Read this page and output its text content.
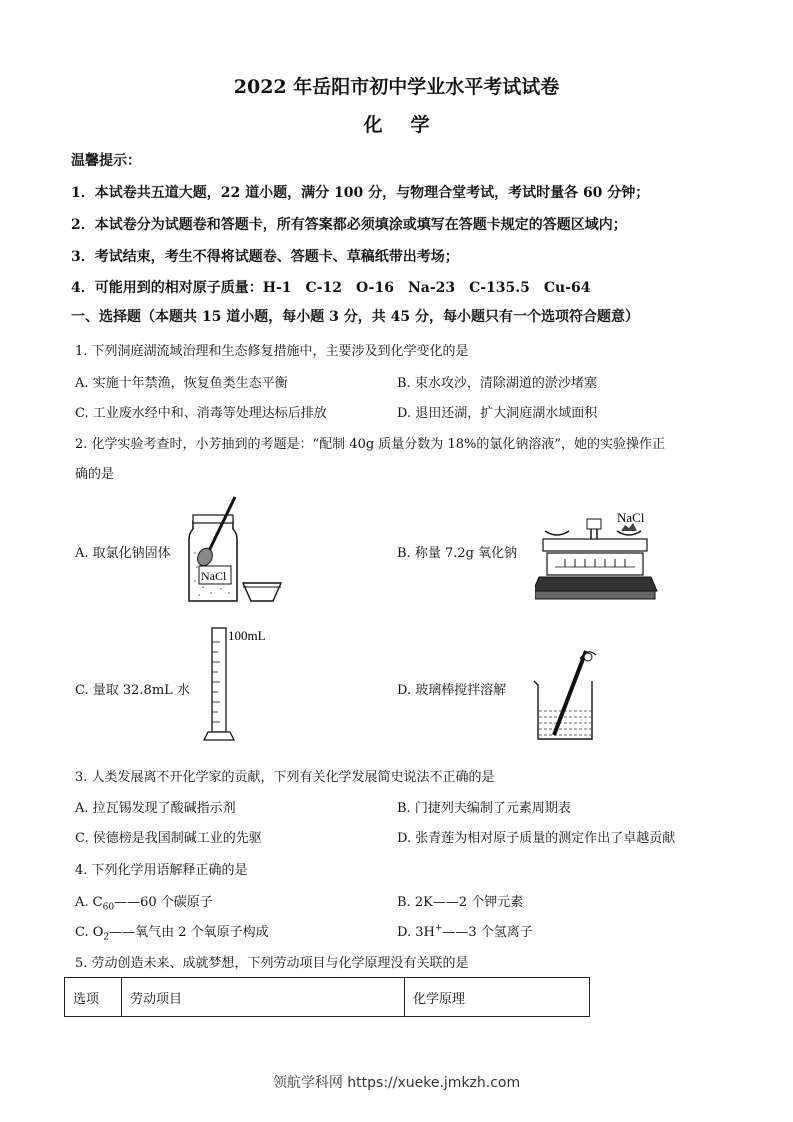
2022 年岳阳市初中学业水平考试试卷
化学
温馨提示：
1．本试卷共五道大题，22 道小题，满分 100 分，与物理合堂考试，考试时量各 60 分钟；
2．本试卷分为试题卷和答题卡，所有答案都必须填涂或填写在答题卡规定的答题区域内；
3．考试结束，考生不得将试题卷、答题卡、草稿纸带出考场；
4．可能用到的相对原子质量：H-1　C-12　O-16　Na-23　C-135.5　Cu-64
一、选择题（本题共 15 道小题，每小题 3 分，共 45 分，每小题只有一个选项符合题意）
1. 下列洞庭湖流域治理和生态修复措施中，主要涉及到化学变化的是
A. 实施十年禁渔，恢复鱼类生态平衡	B. 束水攻沙，清除湖道的淤沙堵塞
C. 工业废水经中和、消毒等处理达标后排放	D. 退田还湖，扩大洞庭湖水域面积
2. 化学实验考查时，小芳抽到的考题是：“配制 40g 质量分数为 18%的氯化钠溶液”，她的实验操作正
确的是
A. 取氯化钠固体
NaCl
B. 称量 7.2g 氧化钠
NaCl
C. 量取 32.8mL 水
100mL
D. 玻璃棒搅拌溶解
3. 人类发展离不开化学家的贡献，下列有关化学发展简史说法不正确的是
A. 拉瓦锡发现了酸碱指示剂	B. 门捷列夫编制了元素周期表
C. 侯德榜是我国制碱工业的先驱	D. 张青莲为相对原子质量的测定作出了卓越贡献
4. 下列化学用语解释正确的是
A. $C_{60}——60$ 个碳原子	B. 2K——2 个钾元素
C. $O_2——$氧气由 2 个氧原子构成	D. 3H+——3 个氢离子
5. 劳动创造未来、成就梦想，下列劳动项目与化学原理没有关联的是
选项	劳动项目	化学原理
领航学科网 https://xueke.jmkzh.com
